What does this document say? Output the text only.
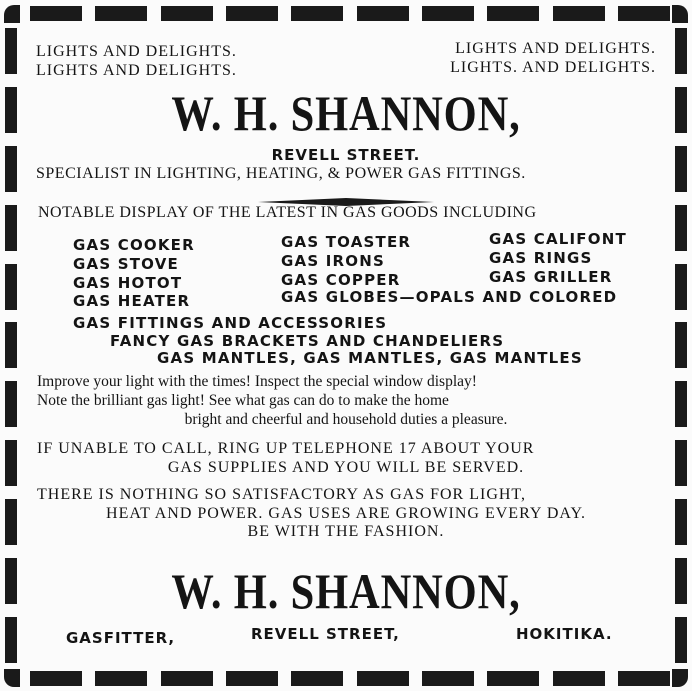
LIGHTS AND DELIGHTS.
LIGHTS AND DELIGHTS.
LIGHTS AND DELIGHTS.
LIGHTS. AND DELIGHTS.
W. H. SHANNON,
REVELL STREET.
SPECIALIST IN LIGHTING, HEATING, & POWER GAS FITTINGS.
NOTABLE DISPLAY OF THE LATEST IN GAS GOODS INCLUDING
GAS COOKER
GAS STOVE
GAS HOTOT
GAS HEATER
GAS TOASTER
GAS IRONS
GAS COPPER
GAS CALIFONT
GAS RINGS
GAS GRILLER
GAS GLOBES—OPALS AND COLORED
GAS FITTINGS AND ACCESSORIES
FANCY GAS BRACKETS AND CHANDELIERS
GAS MANTLES, GAS MANTLES, GAS MANTLES
Improve your light with the times! Inspect the special window display!
Note the brilliant gas light! See what gas can do to make the home
bright and cheerful and household duties a pleasure.
IF UNABLE TO CALL, RING UP TELEPHONE 17 ABOUT YOUR
GAS SUPPLIES AND YOU WILL BE SERVED.
THERE IS NOTHING SO SATISFACTORY AS GAS FOR LIGHT,
HEAT AND POWER. GAS USES ARE GROWING EVERY DAY.
BE WITH THE FASHION.
W. H. SHANNON,
GASFITTER,	REVELL STREET,	HOKITIKA.
